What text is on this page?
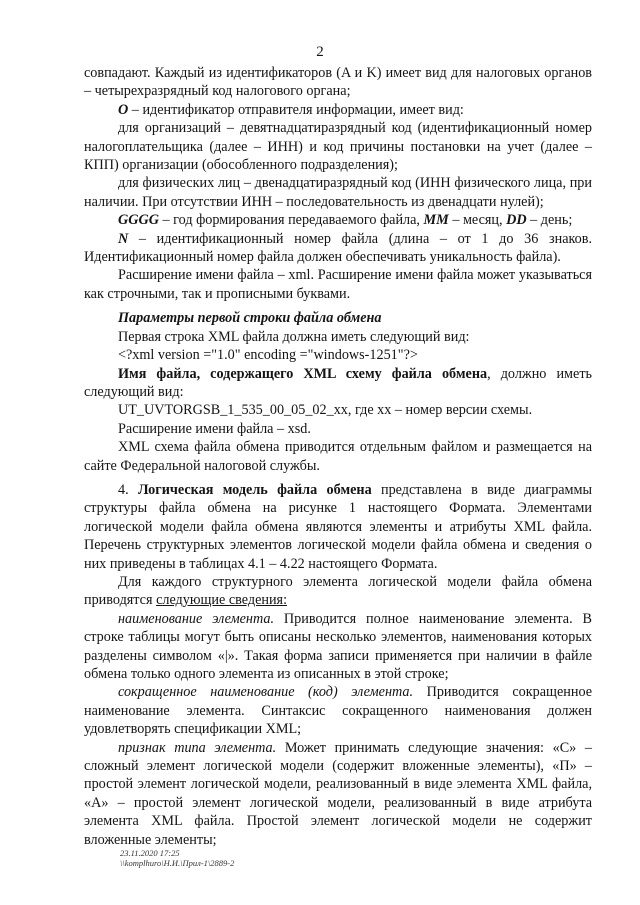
2

совпадают. Каждый из идентификаторов (A и K) имеет вид для налоговых органов – четырехразрядный код налогового органа;

O – идентификатор отправителя информации, имеет вид:

для организаций – девятнадцатиразрядный код (идентификационный номер налогоплательщика (далее – ИНН) и код причины постановки на учет (далее – КПП) организации (обособленного подразделения);

для физических лиц – двенадцатиразрядный код (ИНН физического лица, при наличии. При отсутствии ИНН – последовательность из двенадцати нулей);

GGGG – год формирования передаваемого файла, MM – месяц, DD – день;

N – идентификационный номер файла (длина – от 1 до 36 знаков. Идентификационный номер файла должен обеспечивать уникальность файла).

Расширение имени файла – xml. Расширение имени файла может указываться как строчными, так и прописными буквами.

Параметры первой строки файла обмена

Первая строка XML файла должна иметь следующий вид:

<?xml version ="1.0" encoding ="windows-1251"?>

Имя файла, содержащего XML схему файла обмена, должно иметь следующий вид:

UT_UVTORGSB_1_535_00_05_02_xx, где хх – номер версии схемы.

Расширение имени файла – xsd.

XML схема файла обмена приводится отдельным файлом и размещается на сайте Федеральной налоговой службы.

4. Логическая модель файла обмена представлена в виде диаграммы структуры файла обмена на рисунке 1 настоящего Формата. Элементами логической модели файла обмена являются элементы и атрибуты XML файла. Перечень структурных элементов логической модели файла обмена и сведения о них приведены в таблицах 4.1 – 4.22 настоящего Формата.

Для каждого структурного элемента логической модели файла обмена приводятся следующие сведения:

наименование элемента. Приводится полное наименование элемента. В строке таблицы могут быть описаны несколько элементов, наименования которых разделены символом «|». Такая форма записи применяется при наличии в файле обмена только одного элемента из описанных в этой строке;

сокращенное наименование (код) элемента. Приводится сокращенное наименование элемента. Синтаксис сокращенного наименования должен удовлетворять спецификации XML;

признак типа элемента. Может принимать следующие значения: «С» – сложный элемент логической модели (содержит вложенные элементы), «П» – простой элемент логической модели, реализованный в виде элемента XML файла, «А» – простой элемент логической модели, реализованный в виде атрибута элемента XML файла. Простой элемент логической модели не содержит вложенные элементы;

23.11.2020 17:25
\\komplhuro\Н.И.\Прил-1\2889-2
